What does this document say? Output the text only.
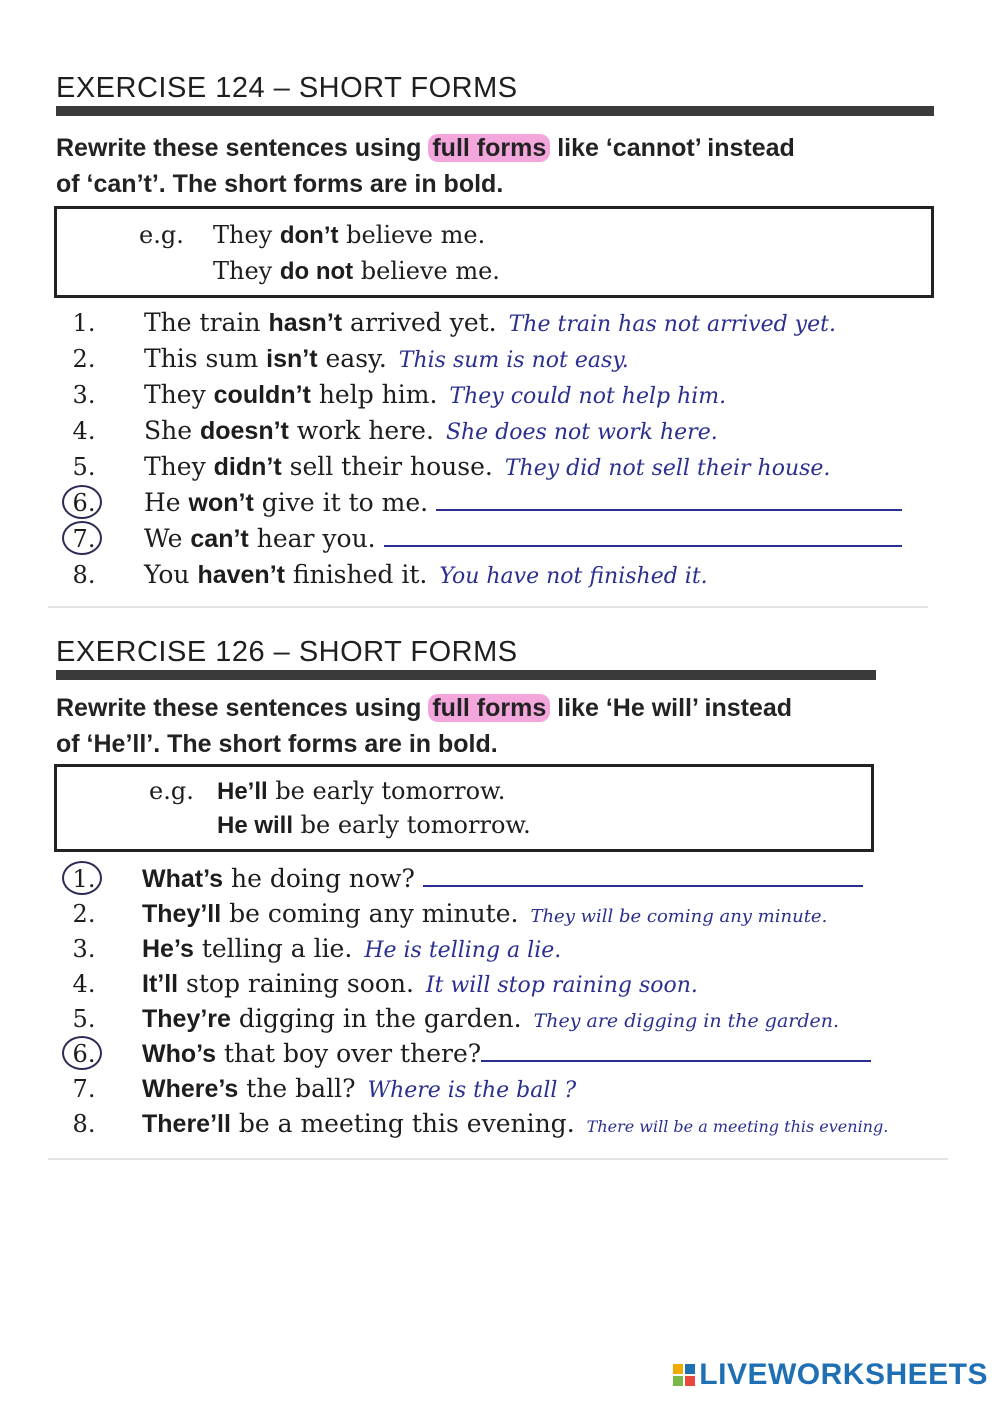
EXERCISE 124 – SHORT FORMS
Rewrite these sentences using full forms like ‘cannot’ instead
of ‘can’t’. The short forms are in bold.
e.g. They don’t believe me.
They do not believe me.
1.	The train hasn’t arrived yet. The train has not arrived yet.
2.	This sum isn’t easy. This sum is not easy.
3.	They couldn’t help him. They could not help him.
4.	She doesn’t work here. She does not work here.
5.	They didn’t sell their house. They did not sell their house.
6.	He won’t give it to me.
7.	We can’t hear you.
8.	You haven’t finished it. You have not finished it.
EXERCISE 126 – SHORT FORMS
Rewrite these sentences using full forms like ‘He will’ instead
of ‘He’ll’. The short forms are in bold.
e.g. He’ll be early tomorrow.
He will be early tomorrow.
1.	What’s he doing now?
2.	They’ll be coming any minute. They will be coming any minute.
3.	He’s telling a lie. He is telling a lie.
4.	It’ll stop raining soon. It will stop raining soon.
5.	They’re digging in the garden. They are digging in the garden.
6.	Who’s that boy over there?
7.	Where’s the ball? Where is the ball ?
8.	There’ll be a meeting this evening. There will be a meeting this evening.
LIVEWORKSHEETS
